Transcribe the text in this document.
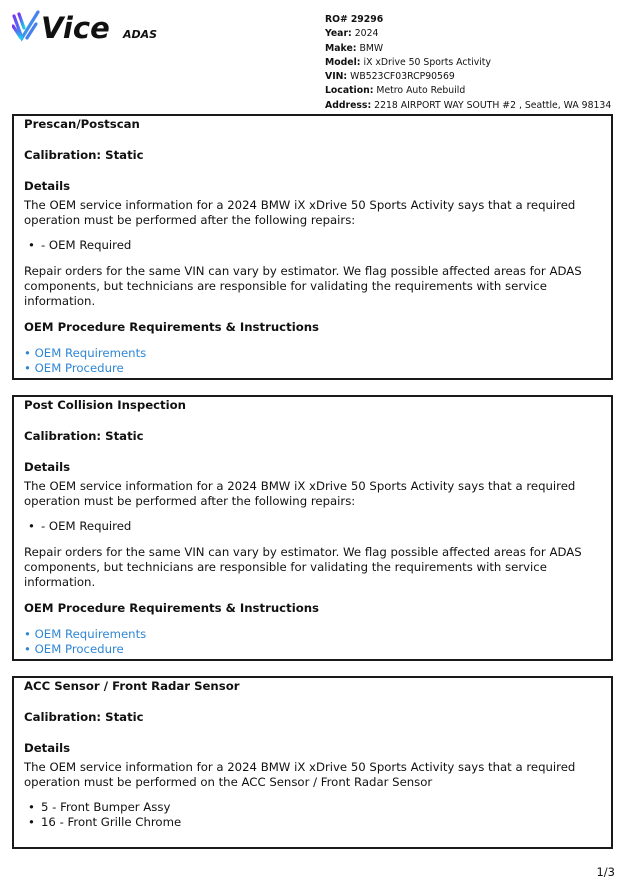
Vice ADAS
RO# 29296
Year: 2024
Make: BMW
Model: iX xDrive 50 Sports Activity
VIN: WB523CF03RCP90569
Location: Metro Auto Rebuild
Address: 2218 AIRPORT WAY SOUTH #2 , Seattle, WA 98134
Prescan/Postscan
Calibration: Static
Details
The OEM service information for a 2024 BMW iX xDrive 50 Sports Activity says that a required operation must be performed after the following repairs:
• - OEM Required
Repair orders for the same VIN can vary by estimator. We flag possible affected areas for ADAS components, but technicians are responsible for validating the requirements with service information.
OEM Procedure Requirements & Instructions
• OEM Requirements
• OEM Procedure
Post Collision Inspection
Calibration: Static
Details
The OEM service information for a 2024 BMW iX xDrive 50 Sports Activity says that a required operation must be performed after the following repairs:
• - OEM Required
Repair orders for the same VIN can vary by estimator. We flag possible affected areas for ADAS components, but technicians are responsible for validating the requirements with service information.
OEM Procedure Requirements & Instructions
• OEM Requirements
• OEM Procedure
ACC Sensor / Front Radar Sensor
Calibration: Static
Details
The OEM service information for a 2024 BMW iX xDrive 50 Sports Activity says that a required operation must be performed on the ACC Sensor / Front Radar Sensor
• 5 - Front Bumper Assy
• 16 - Front Grille Chrome
1/3
